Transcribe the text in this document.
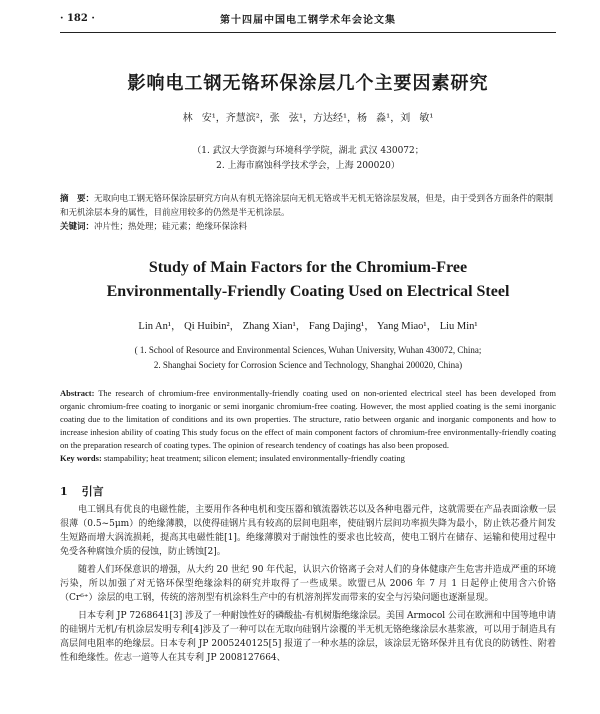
· 182 ·	第十四届中国电工钢学术年会论文集
影响电工钢无铬环保涂层几个主要因素研究
林 安¹，齐慧滨²，张 弦¹，方达经¹，杨 淼¹，刘 敏¹
（1. 武汉大学资源与环境科学学院，湖北 武汉 430072；
2. 上海市腐蚀科学技术学会，上海 200020）
摘　要：无取向电工钢无铬环保涂层研究方向从有机无铬涂层向无机无铬或半无机无铬涂层发展，但是，由于受到各方面条件的限制和无机涂层本身的属性，目前应用较多的仍然是半无机涂层。
关键词：冲片性；热处理；硅元素；绝缘环保涂料
Study of Main Factors for the Chromium-Free
Environmentally-Friendly Coating Used on Electrical Steel
Lin An¹， Qi Huibin²， Zhang Xian¹， Fang Dajing¹， Yang Miao¹， Liu Min¹
( 1. School of Resource and Environmental Sciences, Wuhan University, Wuhan 430072, China;
2. Shanghai Society for Corrosion Science and Technology, Shanghai 200020, China)
Abstract: The research of chromium-free environmentally-friendly coating used on non-oriented electrical steel has been developed from organic chromium-free coating to inorganic or semi inorganic chromium-free coating. However, the most applied coating is the semi inorganic coating due to the limitation of conditions and its own properties. The structure, ratio between organic and inorganic components and how to increase inhesion ability of coating This study focus on the effect of main component factors of chromium-free environmentally-friendly coating on the preparation research of coating types. The opinion of research tendency of coatings has also been proposed.
Key words: stampability; heat treatment; silicon element; insulated environmentally-friendly coating
1 引言

电工钢具有优良的电磁性能，主要用作各种电机和变压器和镇流器铁芯以及各种电器元件，这就需要在产品表面涂敷一层很薄（0.5~5μm）的绝缘薄膜，以使得硅钢片具有较高的层间电阻率，使硅钢片层间功率损失降为最小，防止铁芯叠片间发生短路而增大涡流损耗，提高其电磁性能[1]。绝缘薄膜对于耐蚀性的要求也比较高，使电工钢片在储存、运输和使用过程中免受各种腐蚀介质的侵蚀，防止锈蚀[2]。

随着人们环保意识的增强，从大约 20 世纪 90 年代起，认识六价铬离子会对人们的身体健康产生危害并造成严重的环境污染，所以加强了对无铬环保型绝缘涂料的研究并取得了一些成果。欧盟已从 2006 年 7 月 1 日起停止使用含六价铬（Cr⁶⁺）涂层的电工钢，传统的溶剂型有机涂料生产中的有机溶剂挥发而带来的安全与污染问题也逐渐显现。

日本专利 JP 7268641[3] 涉及了一种耐蚀性好的磷酸盐-有机树脂绝缘涂层。美国 Armocol 公司在欧洲和中国等地申请的硅钢片无机/有机涂层发明专利[4]涉及了一种可以在无取向硅钢片涂覆的半无机无铬绝缘涂层水基浆液，可以用于制造具有高层间电阻率的绝缘层。日本专利 JP 2005240125[5] 报道了一种水基的涂层，该涂层无铬环保并且有优良的防锈性、附着性和绝缘性。佐志一道等人在其专利 JP 2008127664、
